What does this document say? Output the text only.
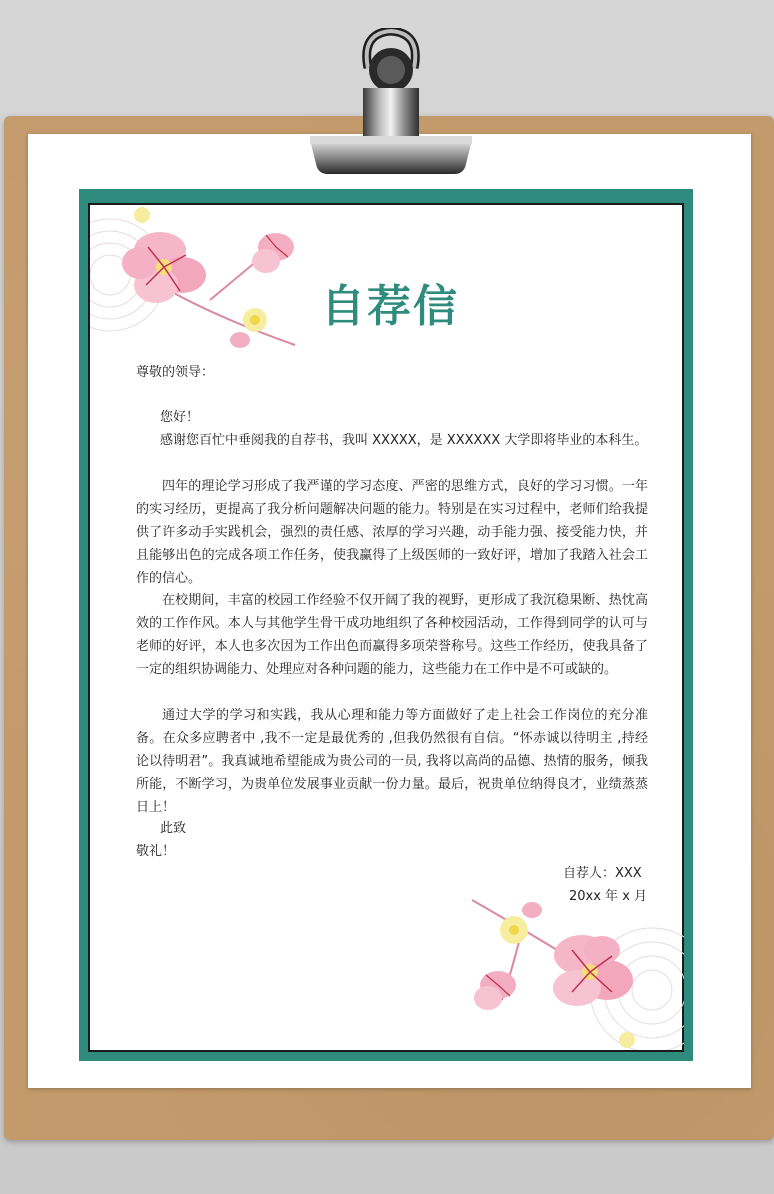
自荐信
尊敬的领导：
您好！
感谢您百忙中垂阅我的自荐书，我叫 XXXXX，是 XXXXXX 大学即将毕业的本科生。
四年的理论学习形成了我严谨的学习态度、严密的思维方式，良好的学习习惯。一年的实习经历，更提高了我分析问题解决问题的能力。特别是在实习过程中，老师们给我提供了许多动手实践机会，强烈的责任感、浓厚的学习兴趣，动手能力强、接受能力快，并且能够出色的完成各项工作任务，使我赢得了上级医师的一致好评，增加了我踏入社会工作的信心。
在校期间，丰富的校园工作经验不仅开阔了我的视野，更形成了我沉稳果断、热忱高效的工作作风。本人与其他学生骨干成功地组织了各种校园活动，工作得到同学的认可与老师的好评，本人也多次因为工作出色而赢得多项荣誉称号。这些工作经历，使我具备了一定的组织协调能力、处理应对各种问题的能力，这些能力在工作中是不可或缺的。
通过大学的学习和实践，我从心理和能力等方面做好了走上社会工作岗位的充分准备。在众多应聘者中 ,我不一定是最优秀的 ,但我仍然很有自信。“怀赤诚以待明主 ,持经论以待明君”。我真诚地希望能成为贵公司的一员, 我将以高尚的品德、热情的服务，倾我所能，不断学习，为贵单位发展事业贡献一份力量。最后，祝贵单位纳得良才，业绩蒸蒸日上！
此致
敬礼！
自荐人：XXX
20xx 年 x 月
